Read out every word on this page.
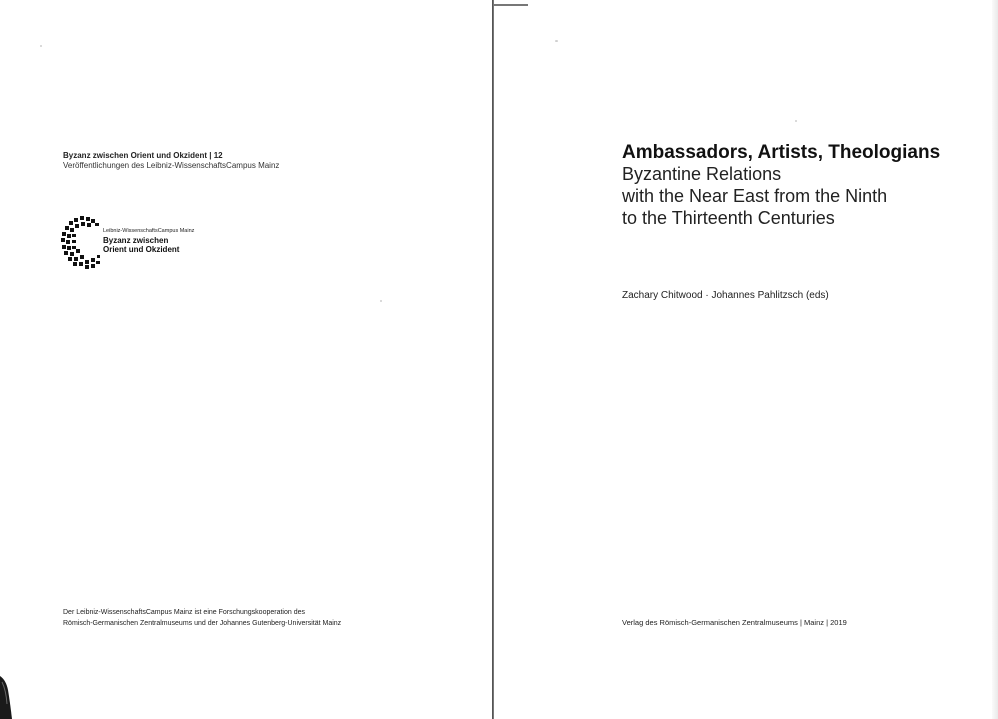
Byzanz zwischen Orient und Okzident | 12
Veröffentlichungen des Leibniz-WissenschaftsCampus Mainz
Leibniz-WissenschaftsCampus Mainz
Byzanz zwischen
Orient und Okzident
Der Leibniz-WissenschaftsCampus Mainz ist eine Forschungskooperation des
Römisch-Germanischen Zentralmuseums und der Johannes Gutenberg-Universität Mainz
Ambassadors, Artists, Theologians
Byzantine Relations
with the Near East from the Ninth
to the Thirteenth Centuries
Zachary Chitwood · Johannes Pahlitzsch (eds)
Verlag des Römisch-Germanischen Zentralmuseums | Mainz | 2019
